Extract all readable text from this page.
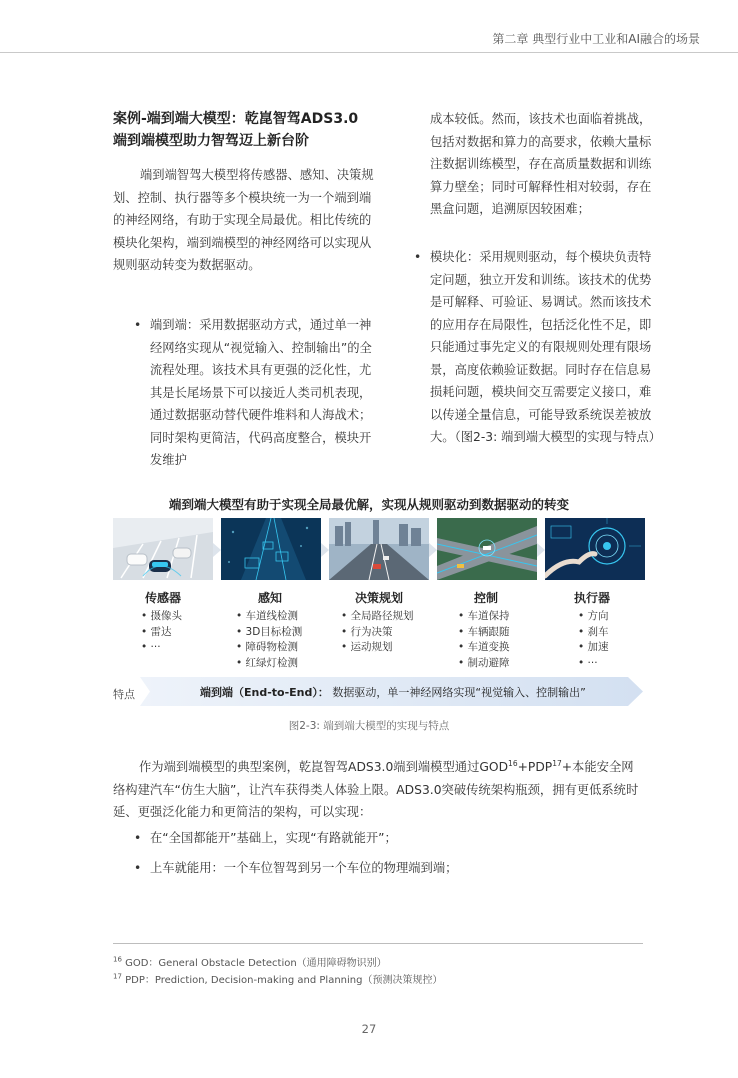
第二章 典型行业中工业和AI融合的场景
案例-端到端大模型：乾崑智驾ADS3.0
端到端模型助力智驾迈上新台阶
端到端智驾大模型将传感器、感知、决策规划、控制、执行器等多个模块统一为一个端到端的神经网络，有助于实现全局最优。相比传统的模块化架构，端到端模型的神经网络可以实现从规则驱动转变为数据驱动。
• 端到端：采用数据驱动方式，通过单一神经网络实现从“视觉输入、控制输出”的全流程处理。该技术具有更强的泛化性，尤其是长尾场景下可以接近人类司机表现，通过数据驱动替代硬件堆料和人海战术；同时架构更简洁，代码高度整合，模块开发维护
成本较低。然而，该技术也面临着挑战，包括对数据和算力的高要求，依赖大量标注数据训练模型，存在高质量数据和训练算力壁垒；同时可解释性相对较弱，存在黑盒问题，追溯原因较困难；
• 模块化：采用规则驱动，每个模块负责特定问题，独立开发和训练。该技术的优势是可解释、可验证、易调试。然而该技术的应用存在局限性，包括泛化性不足，即只能通过事先定义的有限规则处理有限场景，高度依赖验证数据。同时存在信息易损耗问题，模块间交互需要定义接口，难以传递全量信息，可能导致系统误差被放大。（图2-3: 端到端大模型的实现与特点）
端到端大模型有助于实现全局最优解，实现从规则驱动到数据驱动的转变
传感器
• 摄像头
• 雷达
• ···
感知
• 车道线检测
• 3D目标检测
• 障碍物检测
• 红绿灯检测
决策规划
• 全局路径规划
• 行为决策
• 运动规划
控制
• 车道保持
• 车辆跟随
• 车道变换
• 制动避障
执行器
• 方向
• 刹车
• 加速
• ···
特点	端到端（End-to-End）： 数据驱动，单一神经网络实现“视觉输入、控制输出”
图2-3: 端到端大模型的实现与特点
作为端到端模型的典型案例，乾崑智驾ADS3.0端到端模型通过$GOD^{16}+PDP^{17}+$本能安全网络构建汽车“仿生大脑”，让汽车获得类人体验上限。ADS3.0突破传统架构瓶颈，拥有更低系统时延、更强泛化能力和更简洁的架构，可以实现：
• 在“全国都能开”基础上，实现“有路就能开”；
• 上车就能用：一个车位智驾到另一个车位的物理端到端；
$^{16}$ GOD：General Obstacle Detection（通用障碍物识别）
$^{17}$ PDP：Prediction, Decision-making and Planning（预测决策规控）
27
